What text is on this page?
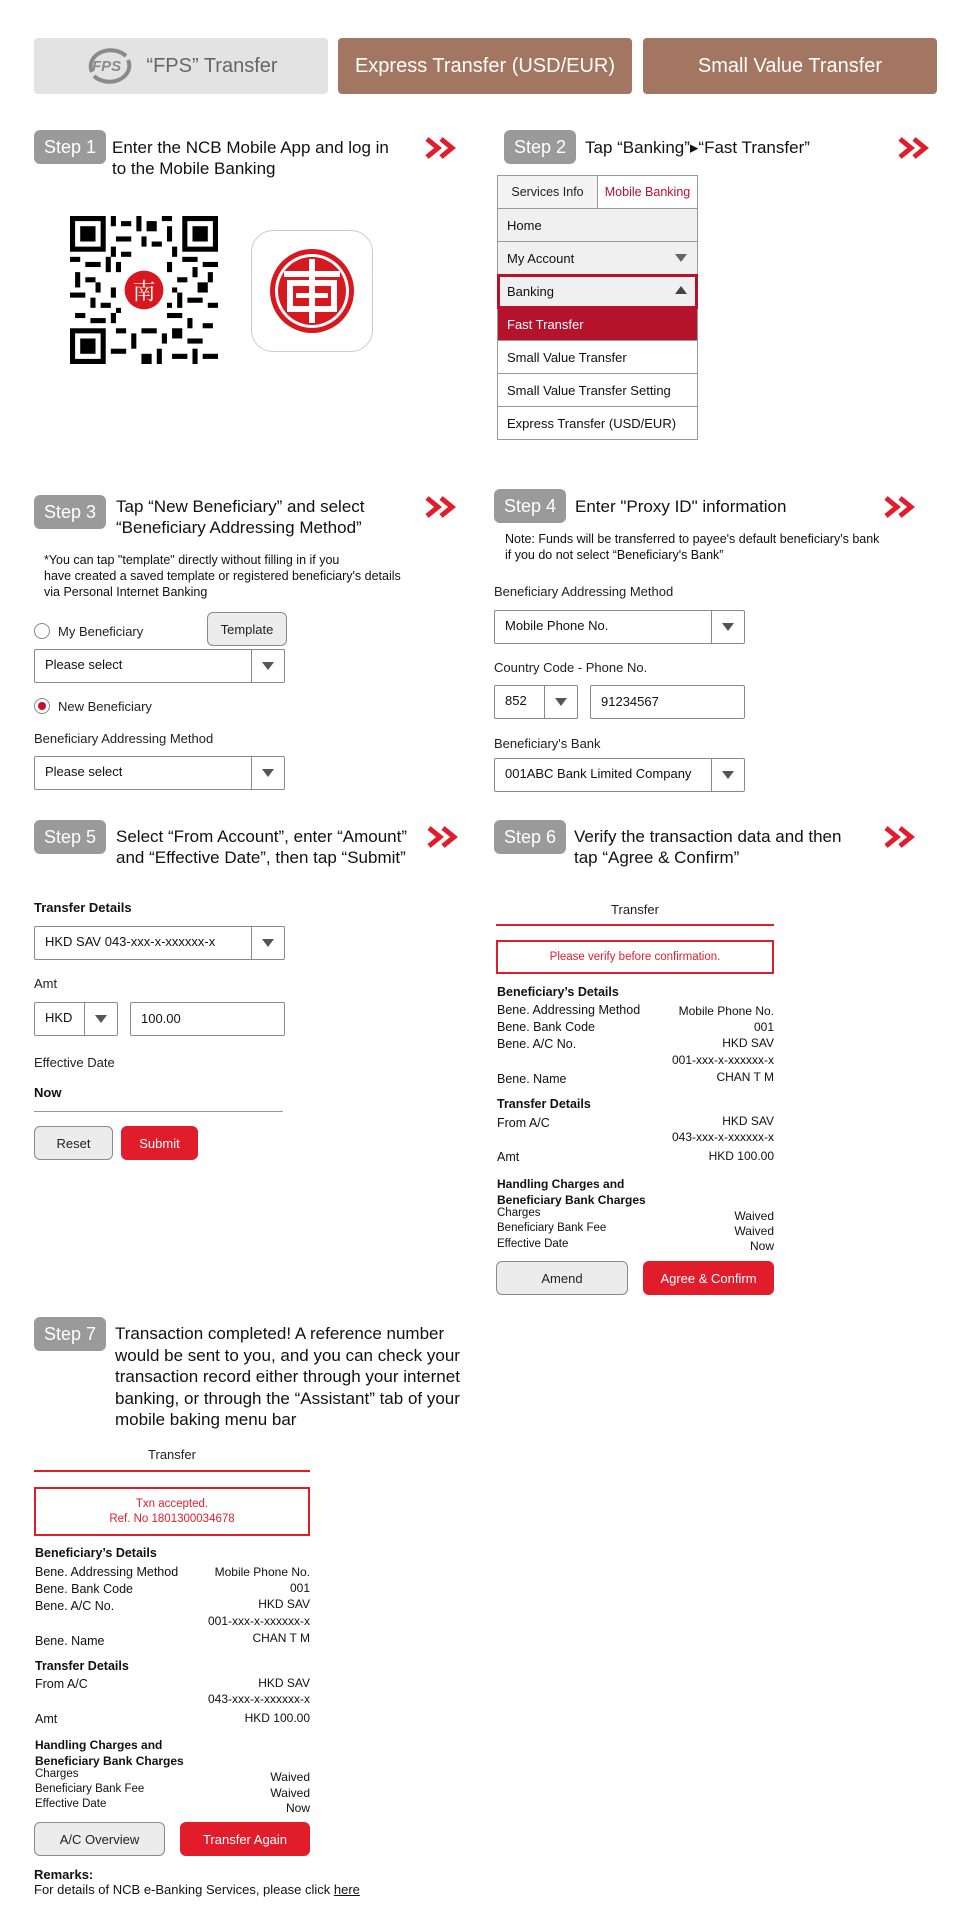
FPS “FPS” Transfer	Express Transfer (USD/EUR)	Small Value Transfer
Step 1 Enter the NCB Mobile App and log in
to the Mobile Banking
南
Step 2	Tap “Banking”▸“Fast Transfer”
Services Info	Mobile Banking
Home
My Account
Banking
Fast Transfer
Small Value Transfer
Small Value Transfer Setting
Express Transfer (USD/EUR)
Step 3	Tap “New Beneficiary” and select
“Beneficiary Addressing Method”
*You can tap "template" directly without filling in if you
have created a saved template or registered beneficiary's details
via Personal Internet Banking
My Beneficiary	Template
Please select
New Beneficiary
Beneficiary Addressing Method
Please select
Step 4	Enter "Proxy ID" information
Note: Funds will be transferred to payee's default beneficiary's bank
if you do not select “Beneficiary's Bank”
Beneficiary Addressing Method
Mobile Phone No.
Country Code - Phone No.
852	91234567
Beneficiary's Bank
001ABC Bank Limited Company
Step 5	Select “From Account”, enter “Amount”
and “Effective Date”, then tap “Submit”
Transfer Details
HKD SAV 043-xxx-x-xxxxxx-x
Amt
HKD	100.00
Effective Date
Now
Reset	Submit
Step 6	Verify the transaction data and then
tap “Agree & Confirm”
Transfer
Please verify before confirmation.
Beneficiary’s Details
Bene. Addressing Method	Mobile Phone No.
Bene. Bank Code	001
Bene. A/C No.	HKD SAV
001-xxx-x-xxxxxx-x
Bene. Name	CHAN T M
Transfer Details
From A/C	HKD SAV
043-xxx-x-xxxxxx-x
Amt	HKD 100.00
Handling Charges and
Beneficiary Bank Charges
Charges	Waived
Beneficiary Bank Fee	Waived
Effective Date	Now
Amend	Agree & Confirm
Step 7	Transaction completed! A reference number
would be sent to you, and you can check your
transaction record either through your internet
banking, or through the “Assistant” tab of your
mobile baking menu bar
Transfer
Txn accepted.
Ref. No 1801300034678
Beneficiary’s Details
Bene. Addressing Method	Mobile Phone No.
Bene. Bank Code	001
Bene. A/C No.	HKD SAV
001-xxx-x-xxxxxx-x
Bene. Name	CHAN T M
Transfer Details
From A/C	HKD SAV
043-xxx-x-xxxxxx-x
Amt	HKD 100.00
Handling Charges and
Beneficiary Bank Charges
Charges	Waived
Beneficiary Bank Fee	Waived
Effective Date	Now
A/C Overview	Transfer Again
Remarks:
For details of NCB e-Banking Services, please click here
